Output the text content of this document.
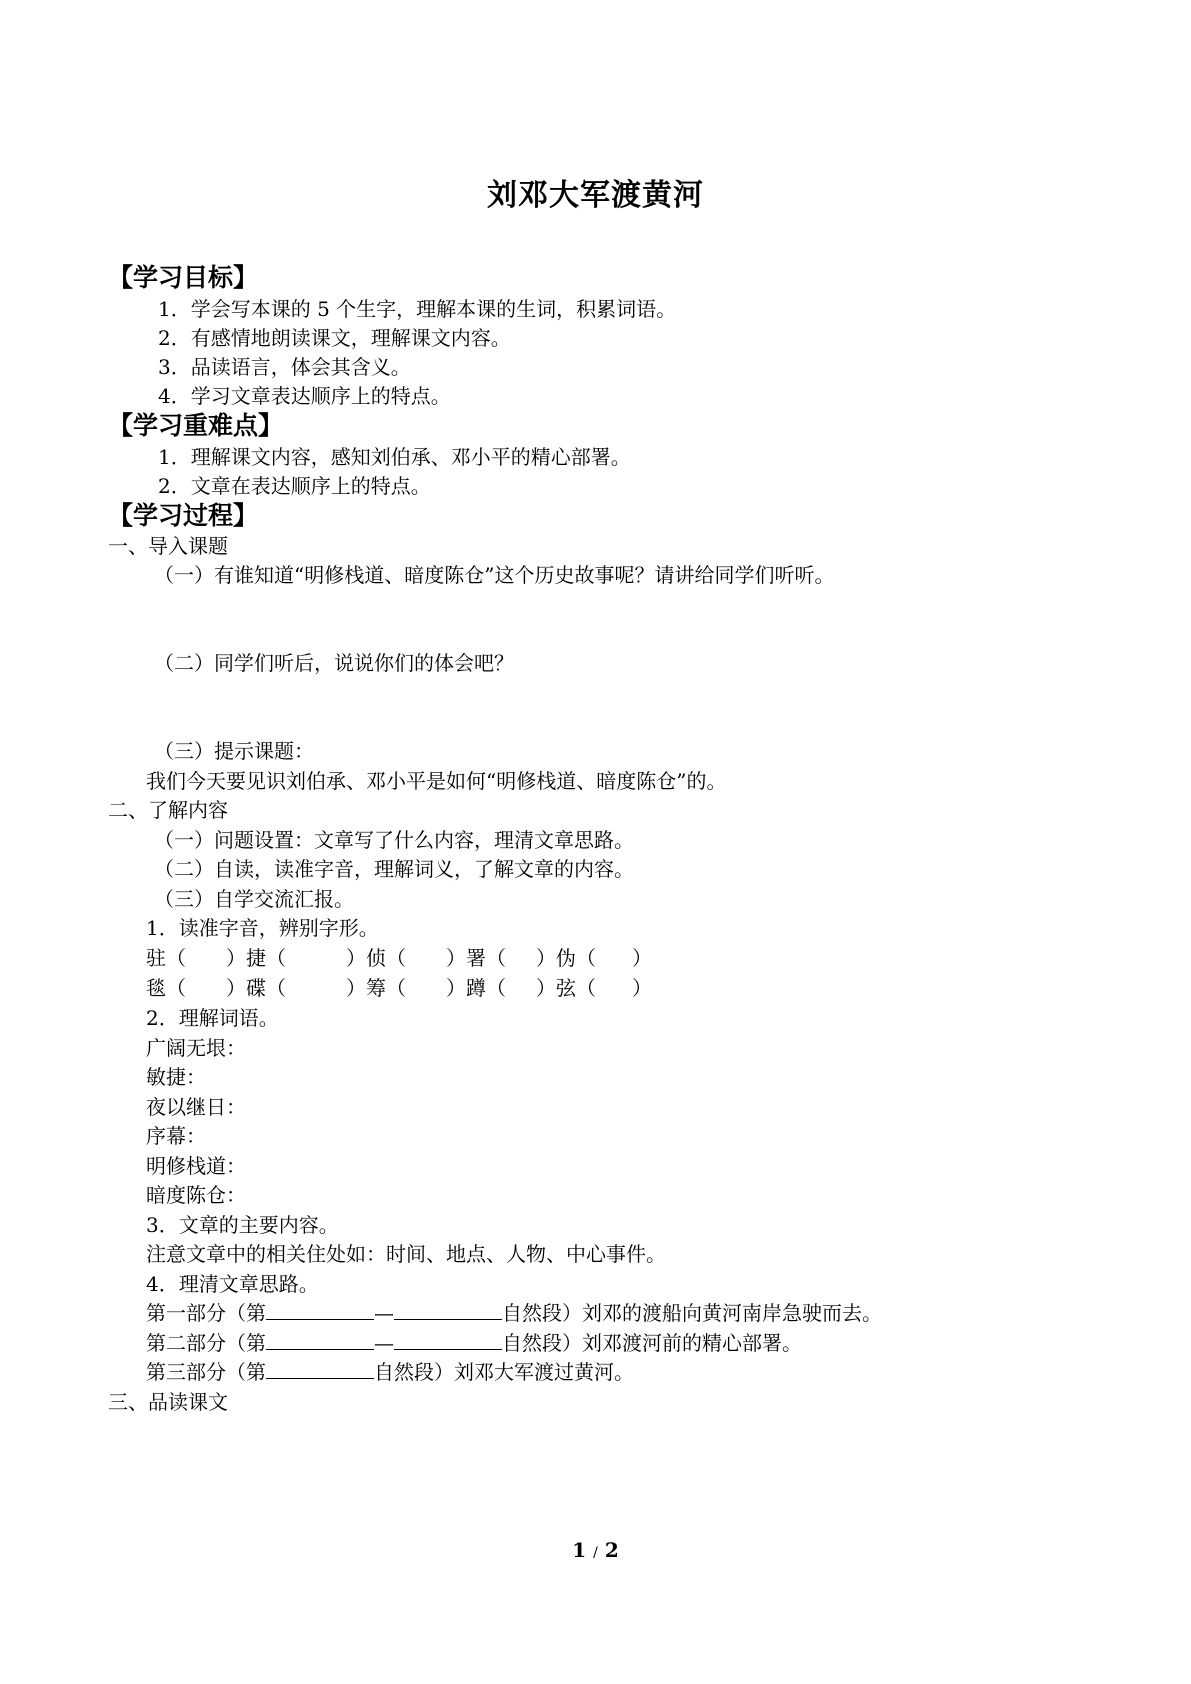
刘邓大军渡黄河
【学习目标】
1．学会写本课的 5 个生字，理解本课的生词，积累词语。
2．有感情地朗读课文，理解课文内容。
3．品读语言，体会其含义。
4．学习文章表达顺序上的特点。
【学习重难点】
1．理解课文内容，感知刘伯承、邓小平的精心部署。
2．文章在表达顺序上的特点。
【学习过程】
一、导入课题
（一）有谁知道“明修栈道、暗度陈仓”这个历史故事呢？请讲给同学们听听。
（二）同学们听后，说说你们的体会吧？
（三）提示课题：
我们今天要见识刘伯承、邓小平是如何“明修栈道、暗度陈仓”的。
二、了解内容
（一）问题设置：文章写了什么内容，理清文章思路。
（二）自读，读准字音，理解词义，了解文章的内容。
（三）自学交流汇报。
1．读准字音，辨别字形。
驻（ ）捷（	）侦（ ）署（ ）伪（ ）
毯（ ）碟（	）筹（ ）蹲（ ）弦（ ）
2．理解词语。
广阔无垠：
敏捷：
夜以继日：
序幕：
明修栈道：
暗度陈仓：
3．文章的主要内容。
注意文章中的相关住处如：时间、地点、人物、中心事件。
4．理清文章思路。
第一部分（第	—	自然段）刘邓的渡船向黄河南岸急驶而去。
第二部分（第	—	自然段）刘邓渡河前的精心部署。
第三部分（第	自然段）刘邓大军渡过黄河。
三、品读课文
1 / 2
